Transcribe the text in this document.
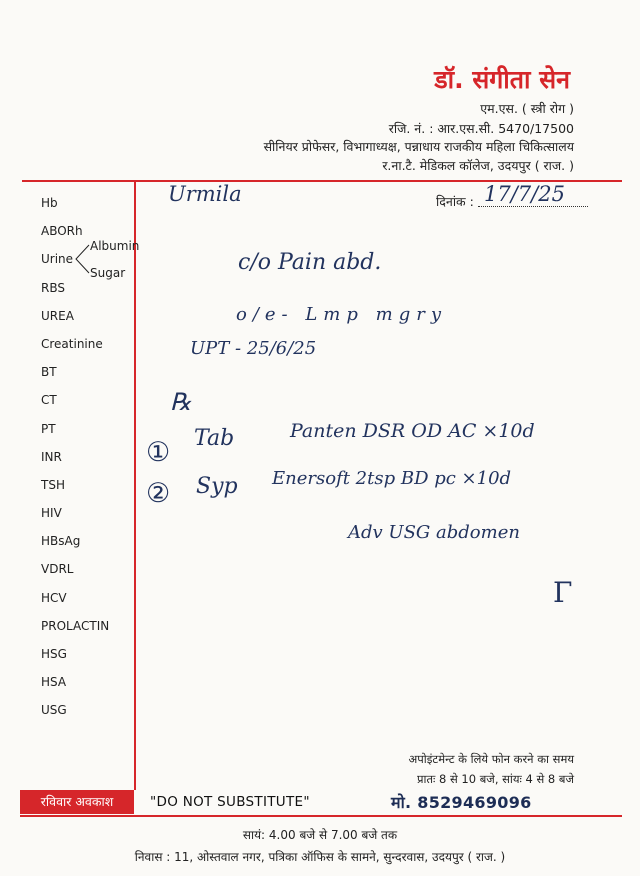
डॉ. संगीता सेन
एम.एस. ( स्त्री रोग )
रजि. नं. : आर.एस.सी. 5470/17500
सीनियर प्रोफेसर, विभागाध्यक्ष, पन्नाधाय राजकीय महिला चिकित्सालय
र.ना.टै. मेडिकल कॉलेज, उदयपुर ( राज. )
Hb
ABORh
Urine
RBS
UREA
Creatinine
BT
CT
PT
INR
TSH
HIV
HBsAg
VDRL
HCV
PROLACTIN
HSG
HSA
USG
Albumin
Sugar
दिनांक : 17/7/25
Urmila
c/o Pain abd.
o/e- Lmp mgry
UPT - 25/6/25
℞
① Tab	Panten DSR OD AC ×10d
② Syp Enersoft 2tsp BD pc ×10d
Adv USG abdomen
Γ
अपोइंटमेन्ट के लिये फोन करने का समय
प्रातः 8 से 10 बजे, सांयः 4 से 8 बजे
मो. 8529469096
रविवार अवकाश	"DO NOT SUBSTITUTE"
सायं: 4.00 बजे से 7.00 बजे तक
निवास : 11, ओस्तवाल नगर, पत्रिका ऑफिस के सामने, सुन्दरवास, उदयपुर ( राज. )
